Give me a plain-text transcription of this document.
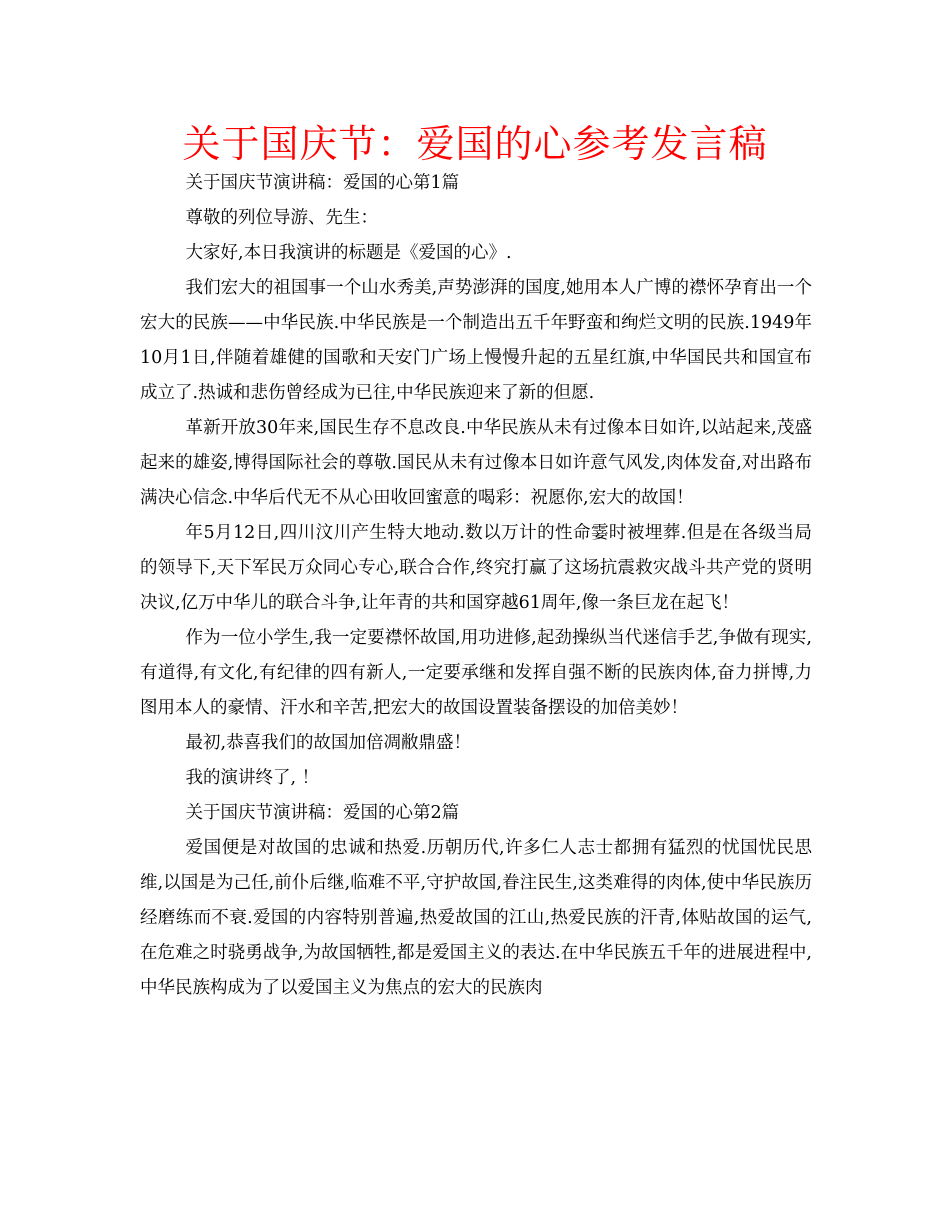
关于国庆节：爱国的心参考发言稿

关于国庆节演讲稿：爱国的心第1篇

尊敬的列位导游、先生：

大家好,本日我演讲的标题是《爱国的心》.

我们宏大的祖国事一个山水秀美,声势澎湃的国度,她用本人广博的襟怀孕育出一个宏大的民族——中华民族.中华民族是一个制造出五千年野蛮和绚烂文明的民族.1949年10月1日,伴随着雄健的国歌和天安门广场上慢慢升起的五星红旗,中华国民共和国宣布成立了.热诚和悲伤曾经成为已往,中华民族迎来了新的但愿.

革新开放30年来,国民生存不息改良.中华民族从未有过像本日如许,以站起来,茂盛起来的雄姿,博得国际社会的尊敬.国民从未有过像本日如许意气风发,肉体发奋,对出路布满决心信念.中华后代无不从心田收回蜜意的喝彩：祝愿你,宏大的故国！

年5月12日,四川汶川产生特大地动.数以万计的性命霎时被埋葬.但是在各级当局的领导下,天下军民万众同心专心,联合合作,终究打赢了这场抗震救灾战斗共产党的贤明决议,亿万中华儿的联合斗争,让年青的共和国穿越61周年,像一条巨龙在起飞！

作为一位小学生,我一定要襟怀故国,用功进修,起劲操纵当代迷信手艺,争做有现实,有道得,有文化,有纪律的四有新人,一定要承继和发挥自强不断的民族肉体,奋力拼博,力图用本人的豪情、汗水和辛苦,把宏大的故国设置装备摆设的加倍美妙！

最初,恭喜我们的故国加倍凋敝鼎盛！

我的演讲终了, ！

关于国庆节演讲稿：爱国的心第2篇

爱国便是对故国的忠诚和热爱.历朝历代,许多仁人志士都拥有猛烈的忧国忧民思维,以国是为己任,前仆后继,临难不平,守护故国,眷注民生,这类难得的肉体,使中华民族历经磨练而不衰.爱国的内容特别普遍,热爱故国的江山,热爱民族的汗青,体贴故国的运气,在危难之时骁勇战争,为故国牺牲,都是爱国主义的表达.在中华民族五千年的进展进程中,中华民族构成为了以爱国主义为焦点的宏大的民族肉
